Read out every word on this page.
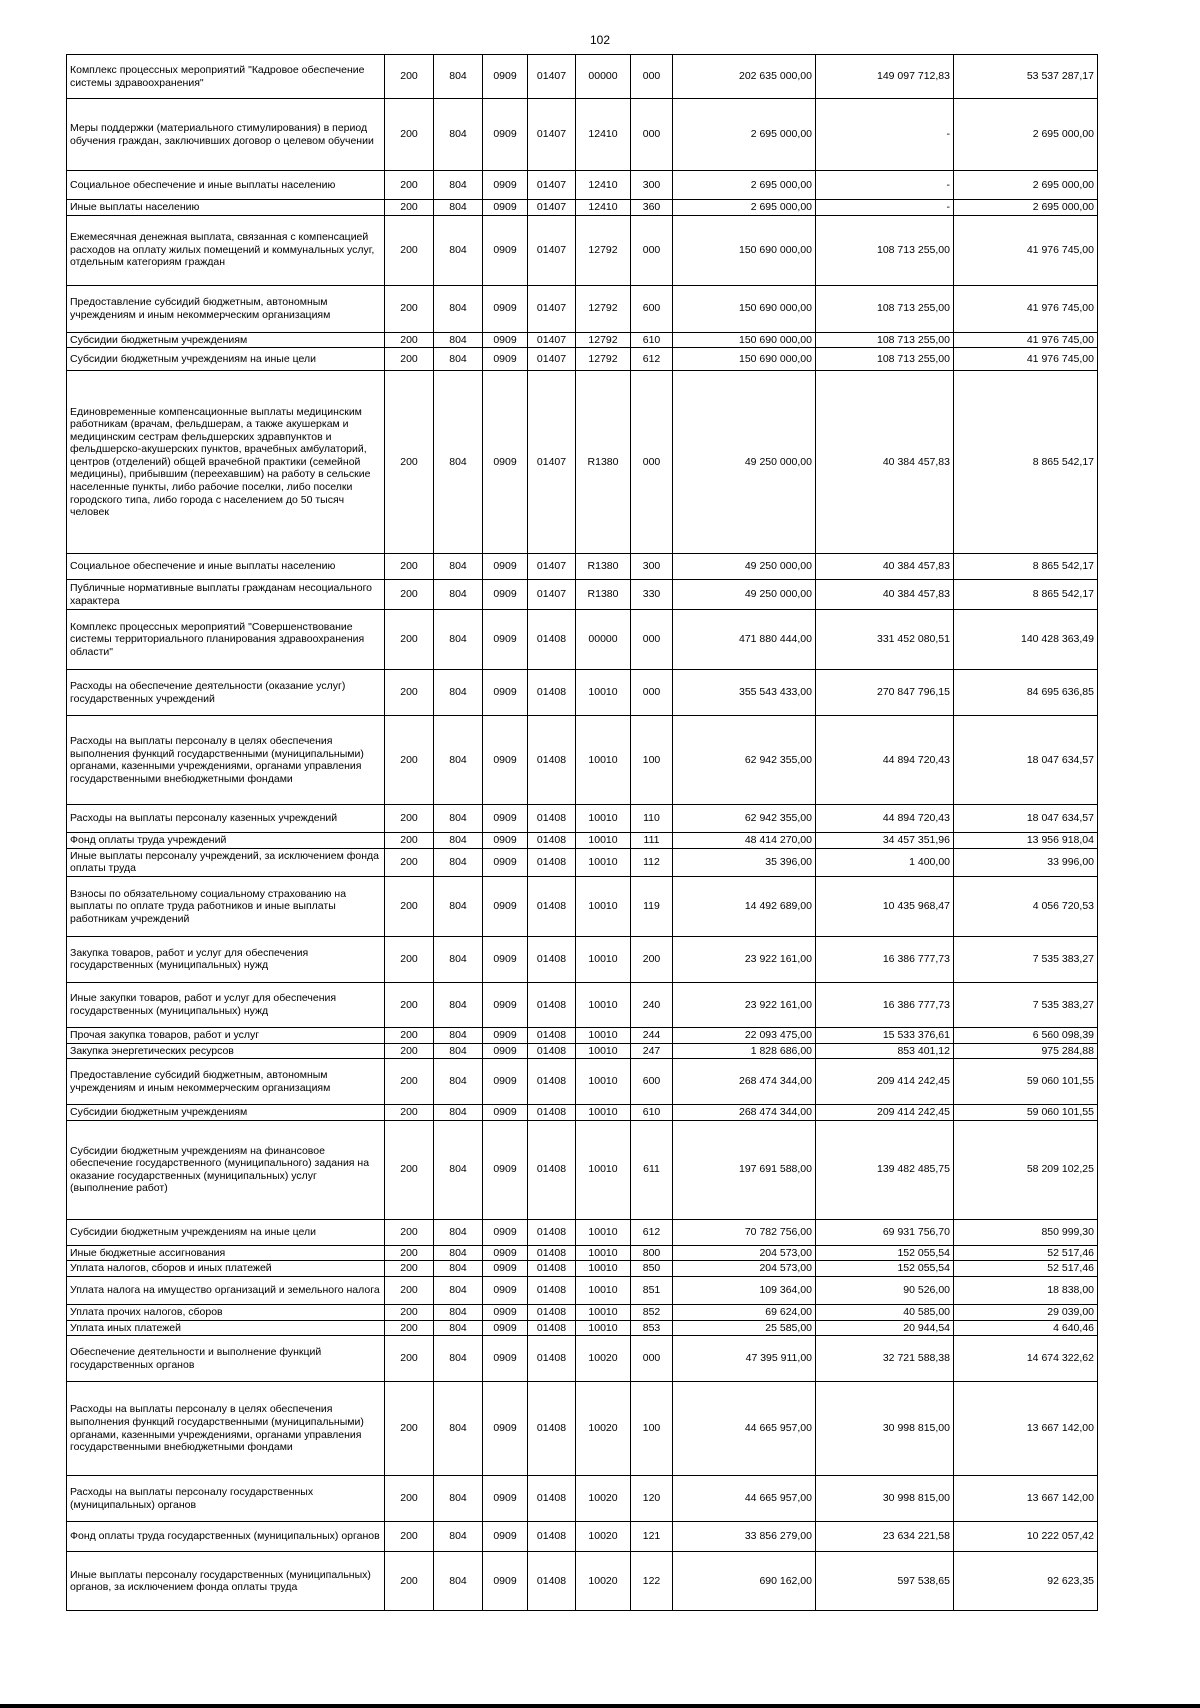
102
Комплекс процессных мероприятий "Кадровое обеспечение системы здравоохранения"	200	804	0909	01407	00000	000	202 635 000,00	149 097 712,83	53 537 287,17
Меры поддержки (материального стимулирования) в период обучения граждан, заключивших договор о целевом обучении	200	804	0909	01407	12410	000	2 695 000,00	-	2 695 000,00
Социальное обеспечение и иные выплаты населению	200	804	0909	01407	12410	300	2 695 000,00	-	2 695 000,00
Иные выплаты населению	200	804	0909	01407	12410	360	2 695 000,00	-	2 695 000,00
Ежемесячная денежная выплата, связанная с компенсацией расходов на оплату жилых помещений и коммунальных услуг, отдельным категориям граждан	200	804	0909	01407	12792	000	150 690 000,00	108 713 255,00	41 976 745,00
Предоставление субсидий бюджетным, автономным учреждениям и иным некоммерческим организациям	200	804	0909	01407	12792	600	150 690 000,00	108 713 255,00	41 976 745,00
Субсидии бюджетным учреждениям	200	804	0909	01407	12792	610	150 690 000,00	108 713 255,00	41 976 745,00
Субсидии бюджетным учреждениям на иные цели	200	804	0909	01407	12792	612	150 690 000,00	108 713 255,00	41 976 745,00
Единовременные компенсационные выплаты медицинским работникам (врачам, фельдшерам, а также акушеркам и медицинским сестрам фельдшерских здравпунктов и фельдшерско-акушерских пунктов, врачебных амбулаторий, центров (отделений) общей врачебной практики (семейной медицины), прибывшим (переехавшим) на работу в сельские населенные пункты, либо рабочие поселки, либо поселки городского типа, либо города с населением до 50 тысяч человек	200	804	0909	01407	R1380	000	49 250 000,00	40 384 457,83	8 865 542,17
Социальное обеспечение и иные выплаты населению	200	804	0909	01407	R1380	300	49 250 000,00	40 384 457,83	8 865 542,17
Публичные нормативные выплаты гражданам несоциального характера	200	804	0909	01407	R1380	330	49 250 000,00	40 384 457,83	8 865 542,17
Комплекс процессных мероприятий "Совершенствование системы территориального планирования здравоохранения области"	200	804	0909	01408	00000	000	471 880 444,00	331 452 080,51	140 428 363,49
Расходы на обеспечение деятельности (оказание услуг) государственных учреждений	200	804	0909	01408	10010	000	355 543 433,00	270 847 796,15	84 695 636,85
Расходы на выплаты персоналу в целях обеспечения выполнения функций государственными (муниципальными) органами, казенными учреждениями, органами управления государственными внебюджетными фондами	200	804	0909	01408	10010	100	62 942 355,00	44 894 720,43	18 047 634,57
Расходы на выплаты персоналу казенных учреждений	200	804	0909	01408	10010	110	62 942 355,00	44 894 720,43	18 047 634,57
Фонд оплаты труда учреждений	200	804	0909	01408	10010	111	48 414 270,00	34 457 351,96	13 956 918,04
Иные выплаты персоналу учреждений, за исключением фонда оплаты труда	200	804	0909	01408	10010	112	35 396,00	1 400,00	33 996,00
Взносы по обязательному социальному страхованию на выплаты по оплате труда работников и иные выплаты работникам учреждений	200	804	0909	01408	10010	119	14 492 689,00	10 435 968,47	4 056 720,53
Закупка товаров, работ и услуг для обеспечения государственных (муниципальных) нужд	200	804	0909	01408	10010	200	23 922 161,00	16 386 777,73	7 535 383,27
Иные закупки товаров, работ и услуг для обеспечения государственных (муниципальных) нужд	200	804	0909	01408	10010	240	23 922 161,00	16 386 777,73	7 535 383,27
Прочая закупка товаров, работ и услуг	200	804	0909	01408	10010	244	22 093 475,00	15 533 376,61	6 560 098,39
Закупка энергетических ресурсов	200	804	0909	01408	10010	247	1 828 686,00	853 401,12	975 284,88
Предоставление субсидий бюджетным, автономным учреждениям и иным некоммерческим организациям	200	804	0909	01408	10010	600	268 474 344,00	209 414 242,45	59 060 101,55
Субсидии бюджетным учреждениям	200	804	0909	01408	10010	610	268 474 344,00	209 414 242,45	59 060 101,55
Субсидии бюджетным учреждениям на финансовое обеспечение государственного (муниципального) задания на оказание государственных (муниципальных) услуг (выполнение работ)	200	804	0909	01408	10010	611	197 691 588,00	139 482 485,75	58 209 102,25
Субсидии бюджетным учреждениям на иные цели	200	804	0909	01408	10010	612	70 782 756,00	69 931 756,70	850 999,30
Иные бюджетные ассигнования	200	804	0909	01408	10010	800	204 573,00	152 055,54	52 517,46
Уплата налогов, сборов и иных платежей	200	804	0909	01408	10010	850	204 573,00	152 055,54	52 517,46
Уплата налога на имущество организаций и земельного налога	200	804	0909	01408	10010	851	109 364,00	90 526,00	18 838,00
Уплата прочих налогов, сборов	200	804	0909	01408	10010	852	69 624,00	40 585,00	29 039,00
Уплата иных платежей	200	804	0909	01408	10010	853	25 585,00	20 944,54	4 640,46
Обеспечение деятельности и выполнение функций государственных органов	200	804	0909	01408	10020	000	47 395 911,00	32 721 588,38	14 674 322,62
Расходы на выплаты персоналу в целях обеспечения выполнения функций государственными (муниципальными) органами, казенными учреждениями, органами управления государственными внебюджетными фондами	200	804	0909	01408	10020	100	44 665 957,00	30 998 815,00	13 667 142,00
Расходы на выплаты персоналу государственных (муниципальных) органов	200	804	0909	01408	10020	120	44 665 957,00	30 998 815,00	13 667 142,00
Фонд оплаты труда государственных (муниципальных) органов	200	804	0909	01408	10020	121	33 856 279,00	23 634 221,58	10 222 057,42
Иные выплаты персоналу государственных (муниципальных) органов, за исключением фонда оплаты труда	200	804	0909	01408	10020	122	690 162,00	597 538,65	92 623,35
